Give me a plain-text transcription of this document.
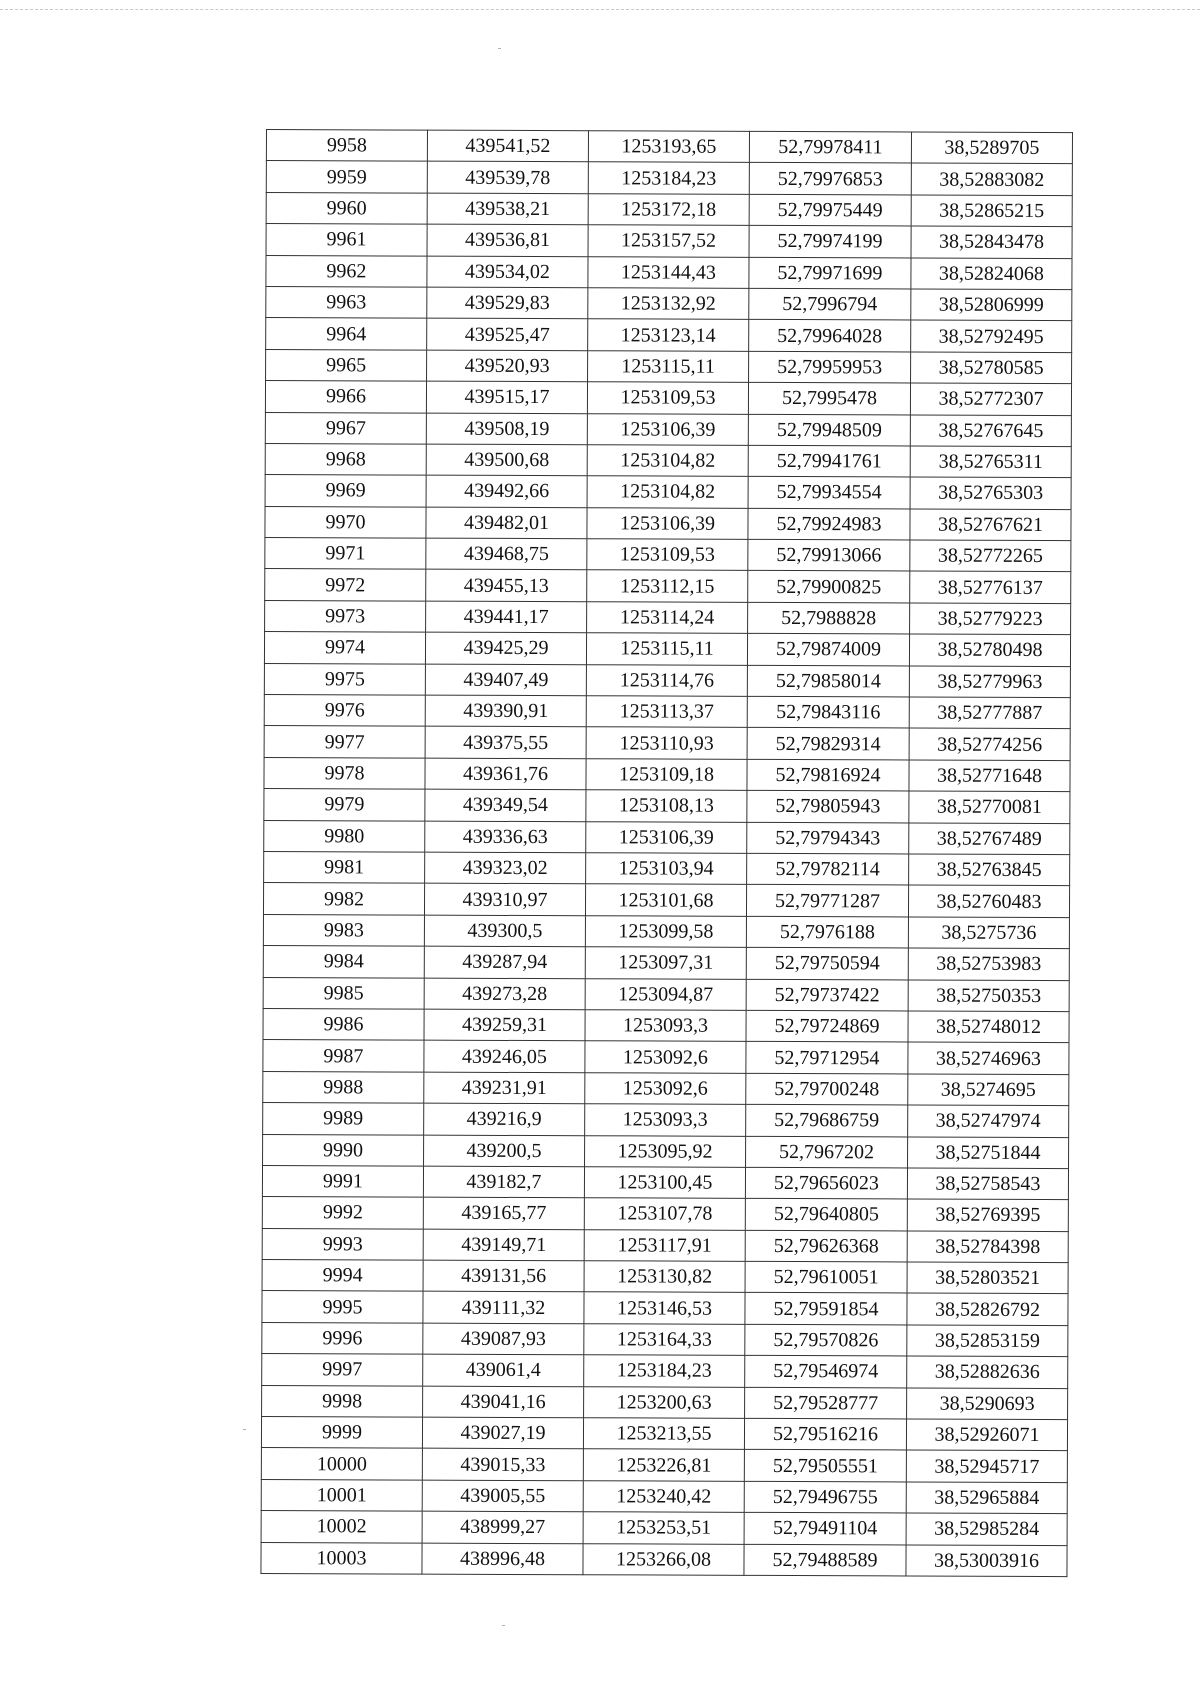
9958	439541,52	1253193,65	52,79978411	38,5289705
9959	439539,78	1253184,23	52,79976853	38,52883082
9960	439538,21	1253172,18	52,79975449	38,52865215
9961	439536,81	1253157,52	52,79974199	38,52843478
9962	439534,02	1253144,43	52,79971699	38,52824068
9963	439529,83	1253132,92	52,7996794	38,52806999
9964	439525,47	1253123,14	52,79964028	38,52792495
9965	439520,93	1253115,11	52,79959953	38,52780585
9966	439515,17	1253109,53	52,7995478	38,52772307
9967	439508,19	1253106,39	52,79948509	38,52767645
9968	439500,68	1253104,82	52,79941761	38,52765311
9969	439492,66	1253104,82	52,79934554	38,52765303
9970	439482,01	1253106,39	52,79924983	38,52767621
9971	439468,75	1253109,53	52,79913066	38,52772265
9972	439455,13	1253112,15	52,79900825	38,52776137
9973	439441,17	1253114,24	52,7988828	38,52779223
9974	439425,29	1253115,11	52,79874009	38,52780498
9975	439407,49	1253114,76	52,79858014	38,52779963
9976	439390,91	1253113,37	52,79843116	38,52777887
9977	439375,55	1253110,93	52,79829314	38,52774256
9978	439361,76	1253109,18	52,79816924	38,52771648
9979	439349,54	1253108,13	52,79805943	38,52770081
9980	439336,63	1253106,39	52,79794343	38,52767489
9981	439323,02	1253103,94	52,79782114	38,52763845
9982	439310,97	1253101,68	52,79771287	38,52760483
9983	439300,5	1253099,58	52,7976188	38,5275736
9984	439287,94	1253097,31	52,79750594	38,52753983
9985	439273,28	1253094,87	52,79737422	38,52750353
9986	439259,31	1253093,3	52,79724869	38,52748012
9987	439246,05	1253092,6	52,79712954	38,52746963
9988	439231,91	1253092,6	52,79700248	38,5274695
9989	439216,9	1253093,3	52,79686759	38,52747974
9990	439200,5	1253095,92	52,7967202	38,52751844
9991	439182,7	1253100,45	52,79656023	38,52758543
9992	439165,77	1253107,78	52,79640805	38,52769395
9993	439149,71	1253117,91	52,79626368	38,52784398
9994	439131,56	1253130,82	52,79610051	38,52803521
9995	439111,32	1253146,53	52,79591854	38,52826792
9996	439087,93	1253164,33	52,79570826	38,52853159
9997	439061,4	1253184,23	52,79546974	38,52882636
9998	439041,16	1253200,63	52,79528777	38,5290693
9999	439027,19	1253213,55	52,79516216	38,52926071
10000	439015,33	1253226,81	52,79505551	38,52945717
10001	439005,55	1253240,42	52,79496755	38,52965884
10002	438999,27	1253253,51	52,79491104	38,52985284
10003	438996,48	1253266,08	52,79488589	38,53003916
